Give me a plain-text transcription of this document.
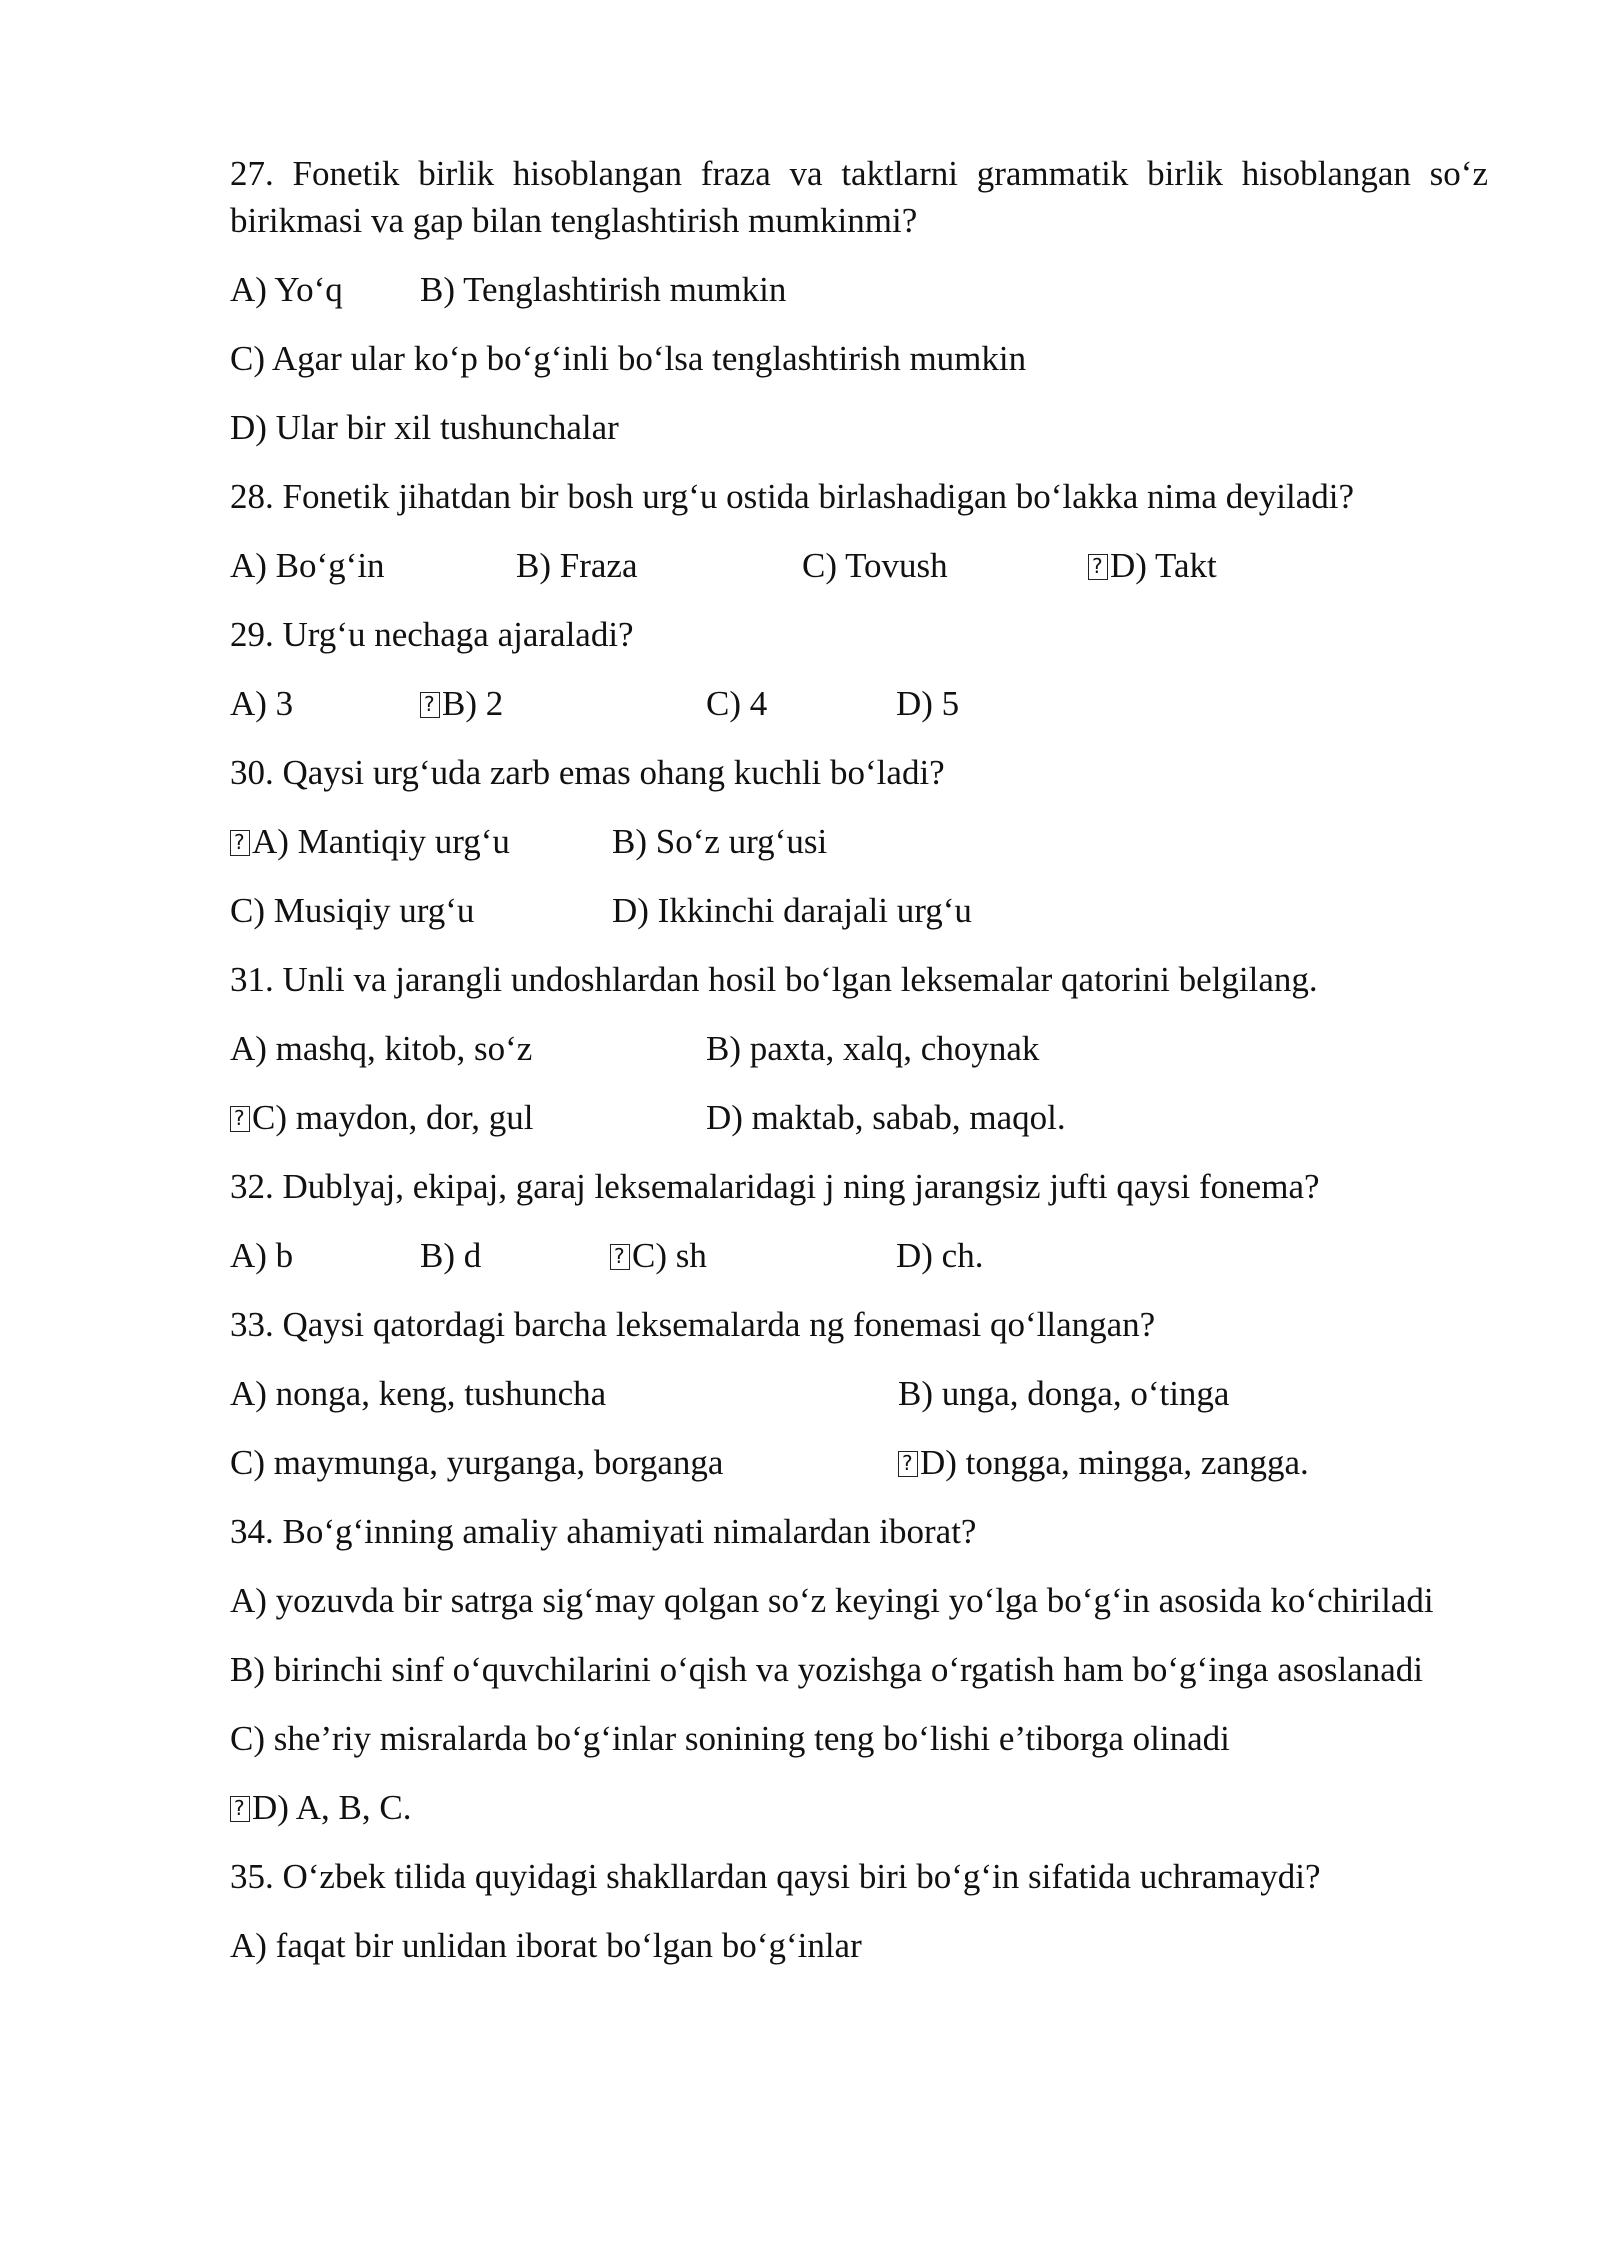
27. Fonetik birlik hisoblangan fraza va taktlarni grammatik birlik hisoblangan so‘z birikmasi va gap bilan tenglashtirish mumkinmi?

A) Yo‘q	B) Tenglashtirish mumkin
C) Agar ular ko‘p bo‘g‘inli bo‘lsa tenglashtirish mumkin
D) Ular bir xil tushunchalar

28. Fonetik jihatdan bir bosh urg‘u ostida birlashadigan bo‘lakka nima deyiladi?

A) Bo‘g‘in	B) Fraza	C) Tovush ?	D) Takt

29. Urg‘u nechaga ajaraladi?

A) 3 ?	B) 2	C) 4	D) 5

30. Qaysi urg‘uda zarb emas ohang kuchli bo‘ladi?

?A) Mantiqiy urg‘u	B) So‘z urg‘usi
C) Musiqiy urg‘u	D) Ikkinchi darajali urg‘u

31. Unli va jarangli undoshlardan hosil bo‘lgan leksemalar qatorini belgilang.

A) mashq, kitob, so‘z	B) paxta, xalq, choynak
?C) maydon, dor, gul	D) maktab, sabab, maqol.

32. Dublyaj, ekipaj, garaj leksemalaridagi j ning jarangsiz jufti qaysi fonema?

A) b	B) d ?	C) sh	D) ch.

33. Qaysi qatordagi barcha leksemalarda ng fonemasi qo‘llangan?

A) nonga, keng, tushuncha	B) unga, donga, o‘tinga
C) maymunga, yurganga, borganga ?	D) tongga, mingga, zangga.

34. Bo‘g‘inning amaliy ahamiyati nimalardan iborat?

A) yozuvda bir satrga sig‘may qolgan so‘z keyingi yo‘lga bo‘g‘in asosida ko‘chiriladi

B) birinchi sinf o‘quvchilarini o‘qish va yozishga o‘rgatish ham bo‘g‘inga asoslanadi

C) she’riy misralarda bo‘g‘inlar sonining teng bo‘lishi e’tiborga olinadi

?D) A, B, C.

35. O‘zbek tilida quyidagi shakllardan qaysi biri bo‘g‘in sifatida uchramaydi?

A) faqat bir unlidan iborat bo‘lgan bo‘g‘inlar
